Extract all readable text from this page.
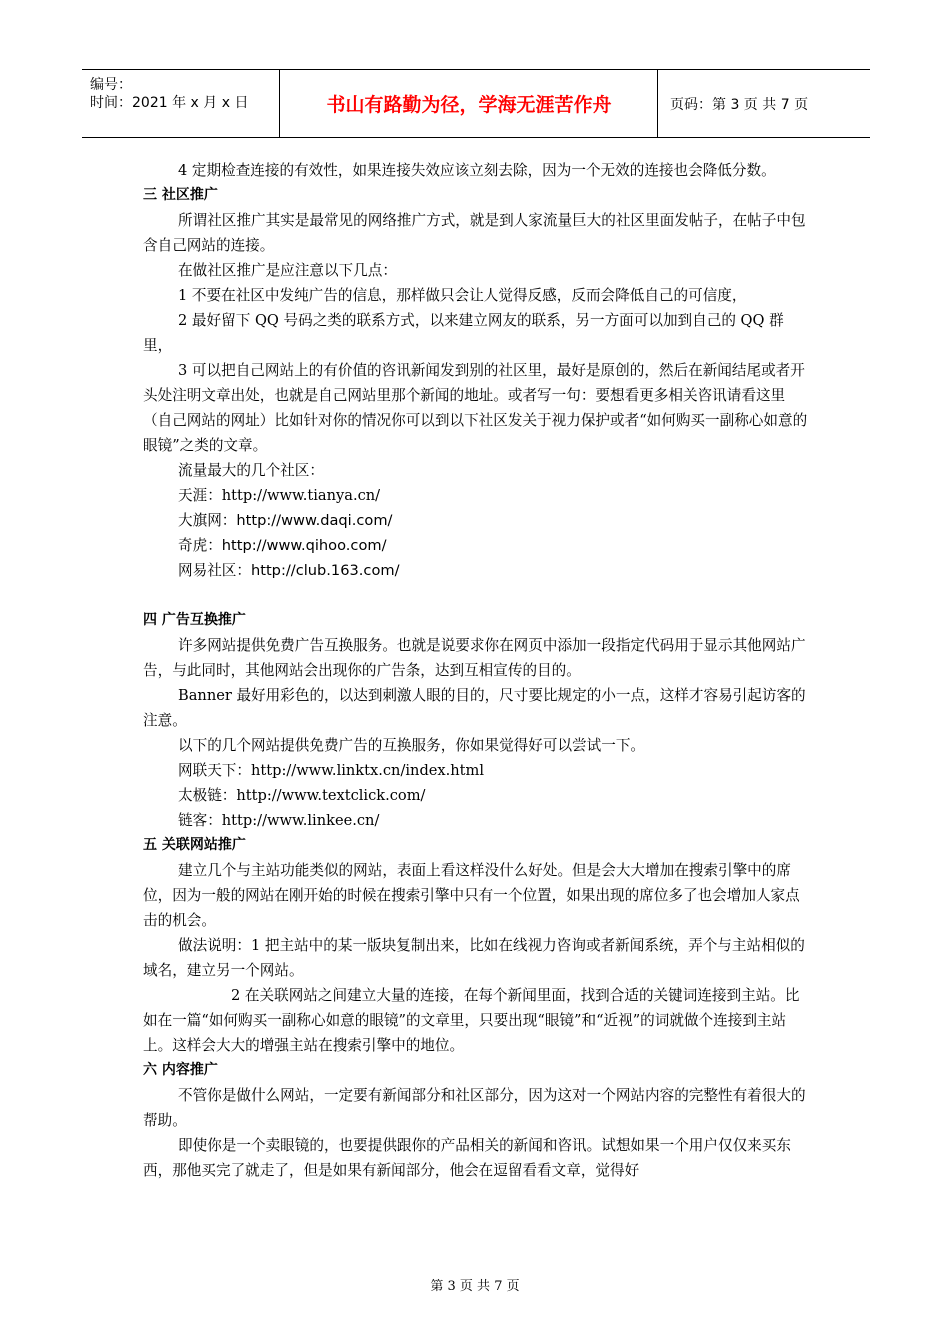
编号：
时间：2021 年 x 月 x 日	书山有路勤为径，学海无涯苦作舟	页码：第 3 页 共 7 页

4 定期检查连接的有效性，如果连接失效应该立刻去除，因为一个无效的连接也会降低分数。

三 社区推广

所谓社区推广其实是最常见的网络推广方式，就是到人家流量巨大的社区里面发帖子，在帖子中包含自己网站的连接。

在做社区推广是应注意以下几点：

1 不要在社区中发纯广告的信息，那样做只会让人觉得反感，反而会降低自己的可信度，

2 最好留下 QQ 号码之类的联系方式，以来建立网友的联系，另一方面可以加到自己的 QQ 群里，

3 可以把自己网站上的有价值的咨讯新闻发到别的社区里，最好是原创的，然后在新闻结尾或者开头处注明文章出处，也就是自己网站里那个新闻的地址。或者写一句：要想看更多相关咨讯请看这里（自己网站的网址）比如针对你的情况你可以到以下社区发关于视力保护或者“如何购买一副称心如意的眼镜”之类的文章。

流量最大的几个社区：

天涯：http://www.tianya.cn/

大旗网：http://www.daqi.com/

奇虎：http://www.qihoo.com/

网易社区：http://club.163.com/

四 广告互换推广

许多网站提供免费广告互换服务。也就是说要求你在网页中添加一段指定代码用于显示其他网站广告，与此同时，其他网站会出现你的广告条，达到互相宣传的目的。

Banner 最好用彩色的，以达到刺激人眼的目的，尺寸要比规定的小一点，这样才容易引起访客的注意。

以下的几个网站提供免费广告的互换服务，你如果觉得好可以尝试一下。

网联天下：http://www.linktx.cn/index.html

太极链：http://www.textclick.com/

链客：http://www.linkee.cn/

五 关联网站推广

建立几个与主站功能类似的网站，表面上看这样没什么好处。但是会大大增加在搜索引擎中的席位，因为一般的网站在刚开始的时候在搜索引擎中只有一个位置，如果出现的席位多了也会增加人家点击的机会。

做法说明：1 把主站中的某一版块复制出来，比如在线视力咨询或者新闻系统，弄个与主站相似的域名，建立另一个网站。

2 在关联网站之间建立大量的连接，在每个新闻里面，找到合适的关键词连接到主站。比如在一篇“如何购买一副称心如意的眼镜”的文章里，只要出现“眼镜”和“近视”的词就做个连接到主站上。这样会大大的增强主站在搜索引擎中的地位。

六 内容推广

不管你是做什么网站，一定要有新闻部分和社区部分，因为这对一个网站内容的完整性有着很大的帮助。

即使你是一个卖眼镜的，也要提供跟你的产品相关的新闻和咨讯。试想如果一个用户仅仅来买东西，那他买完了就走了，但是如果有新闻部分，他会在逗留看看文章，觉得好

第 3 页 共 7 页
